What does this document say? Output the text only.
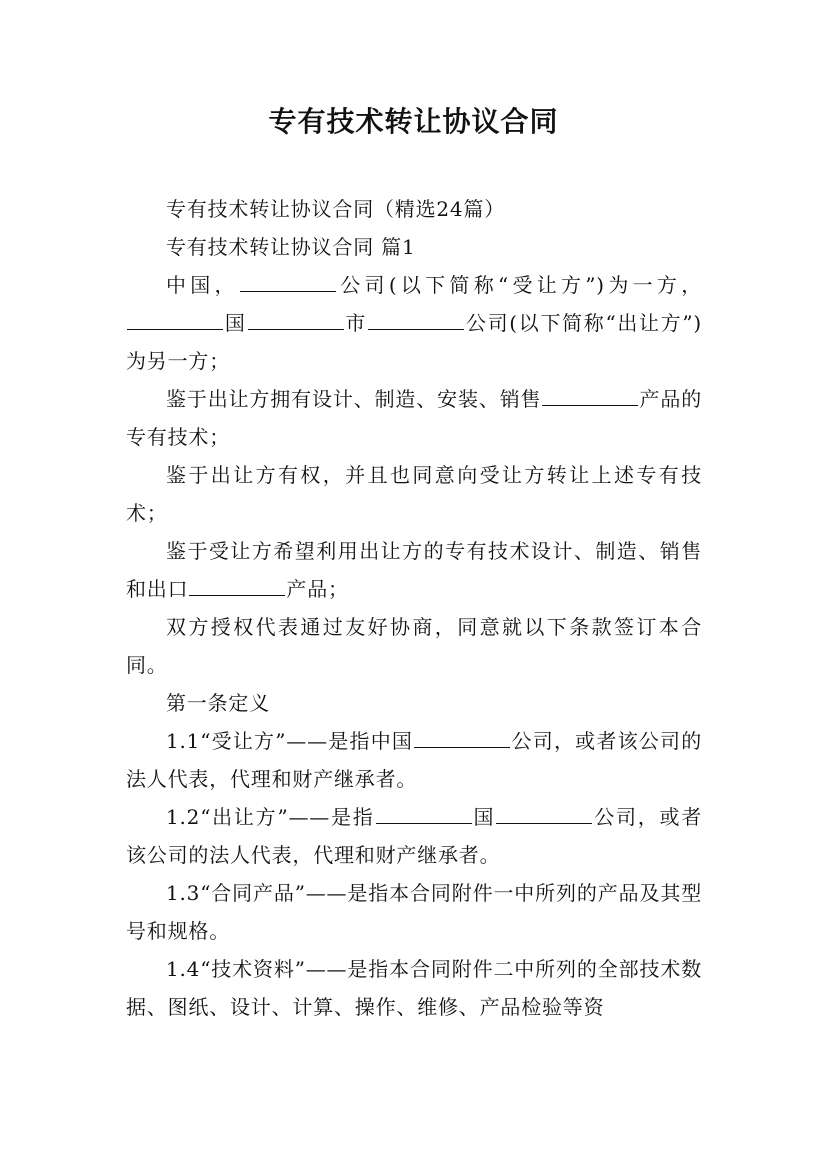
专有技术转让协议合同

专有技术转让协议合同（精选24篇）

专有技术转让协议合同 篇1

中国，	公司(以下简称“受让方”)为一方，国	市	公司(以下简称“出让方”)为另一方；

鉴于出让方拥有设计、制造、安装、销售	产品的专有技术；

鉴于出让方有权，并且也同意向受让方转让上述专有技术；

鉴于受让方希望利用出让方的专有技术设计、制造、销售和出口	产品；

双方授权代表通过友好协商，同意就以下条款签订本合同。

第一条定义

1.1“受让方”——是指中国	公司，或者该公司的法人代表，代理和财产继承者。

1.2“出让方”——是指	国	公司，或者该公司的法人代表，代理和财产继承者。

1.3“合同产品”——是指本合同附件一中所列的产品及其型号和规格。

1.4“技术资料”——是指本合同附件二中所列的全部技术数据、图纸、设计、计算、操作、维修、产品检验等资
